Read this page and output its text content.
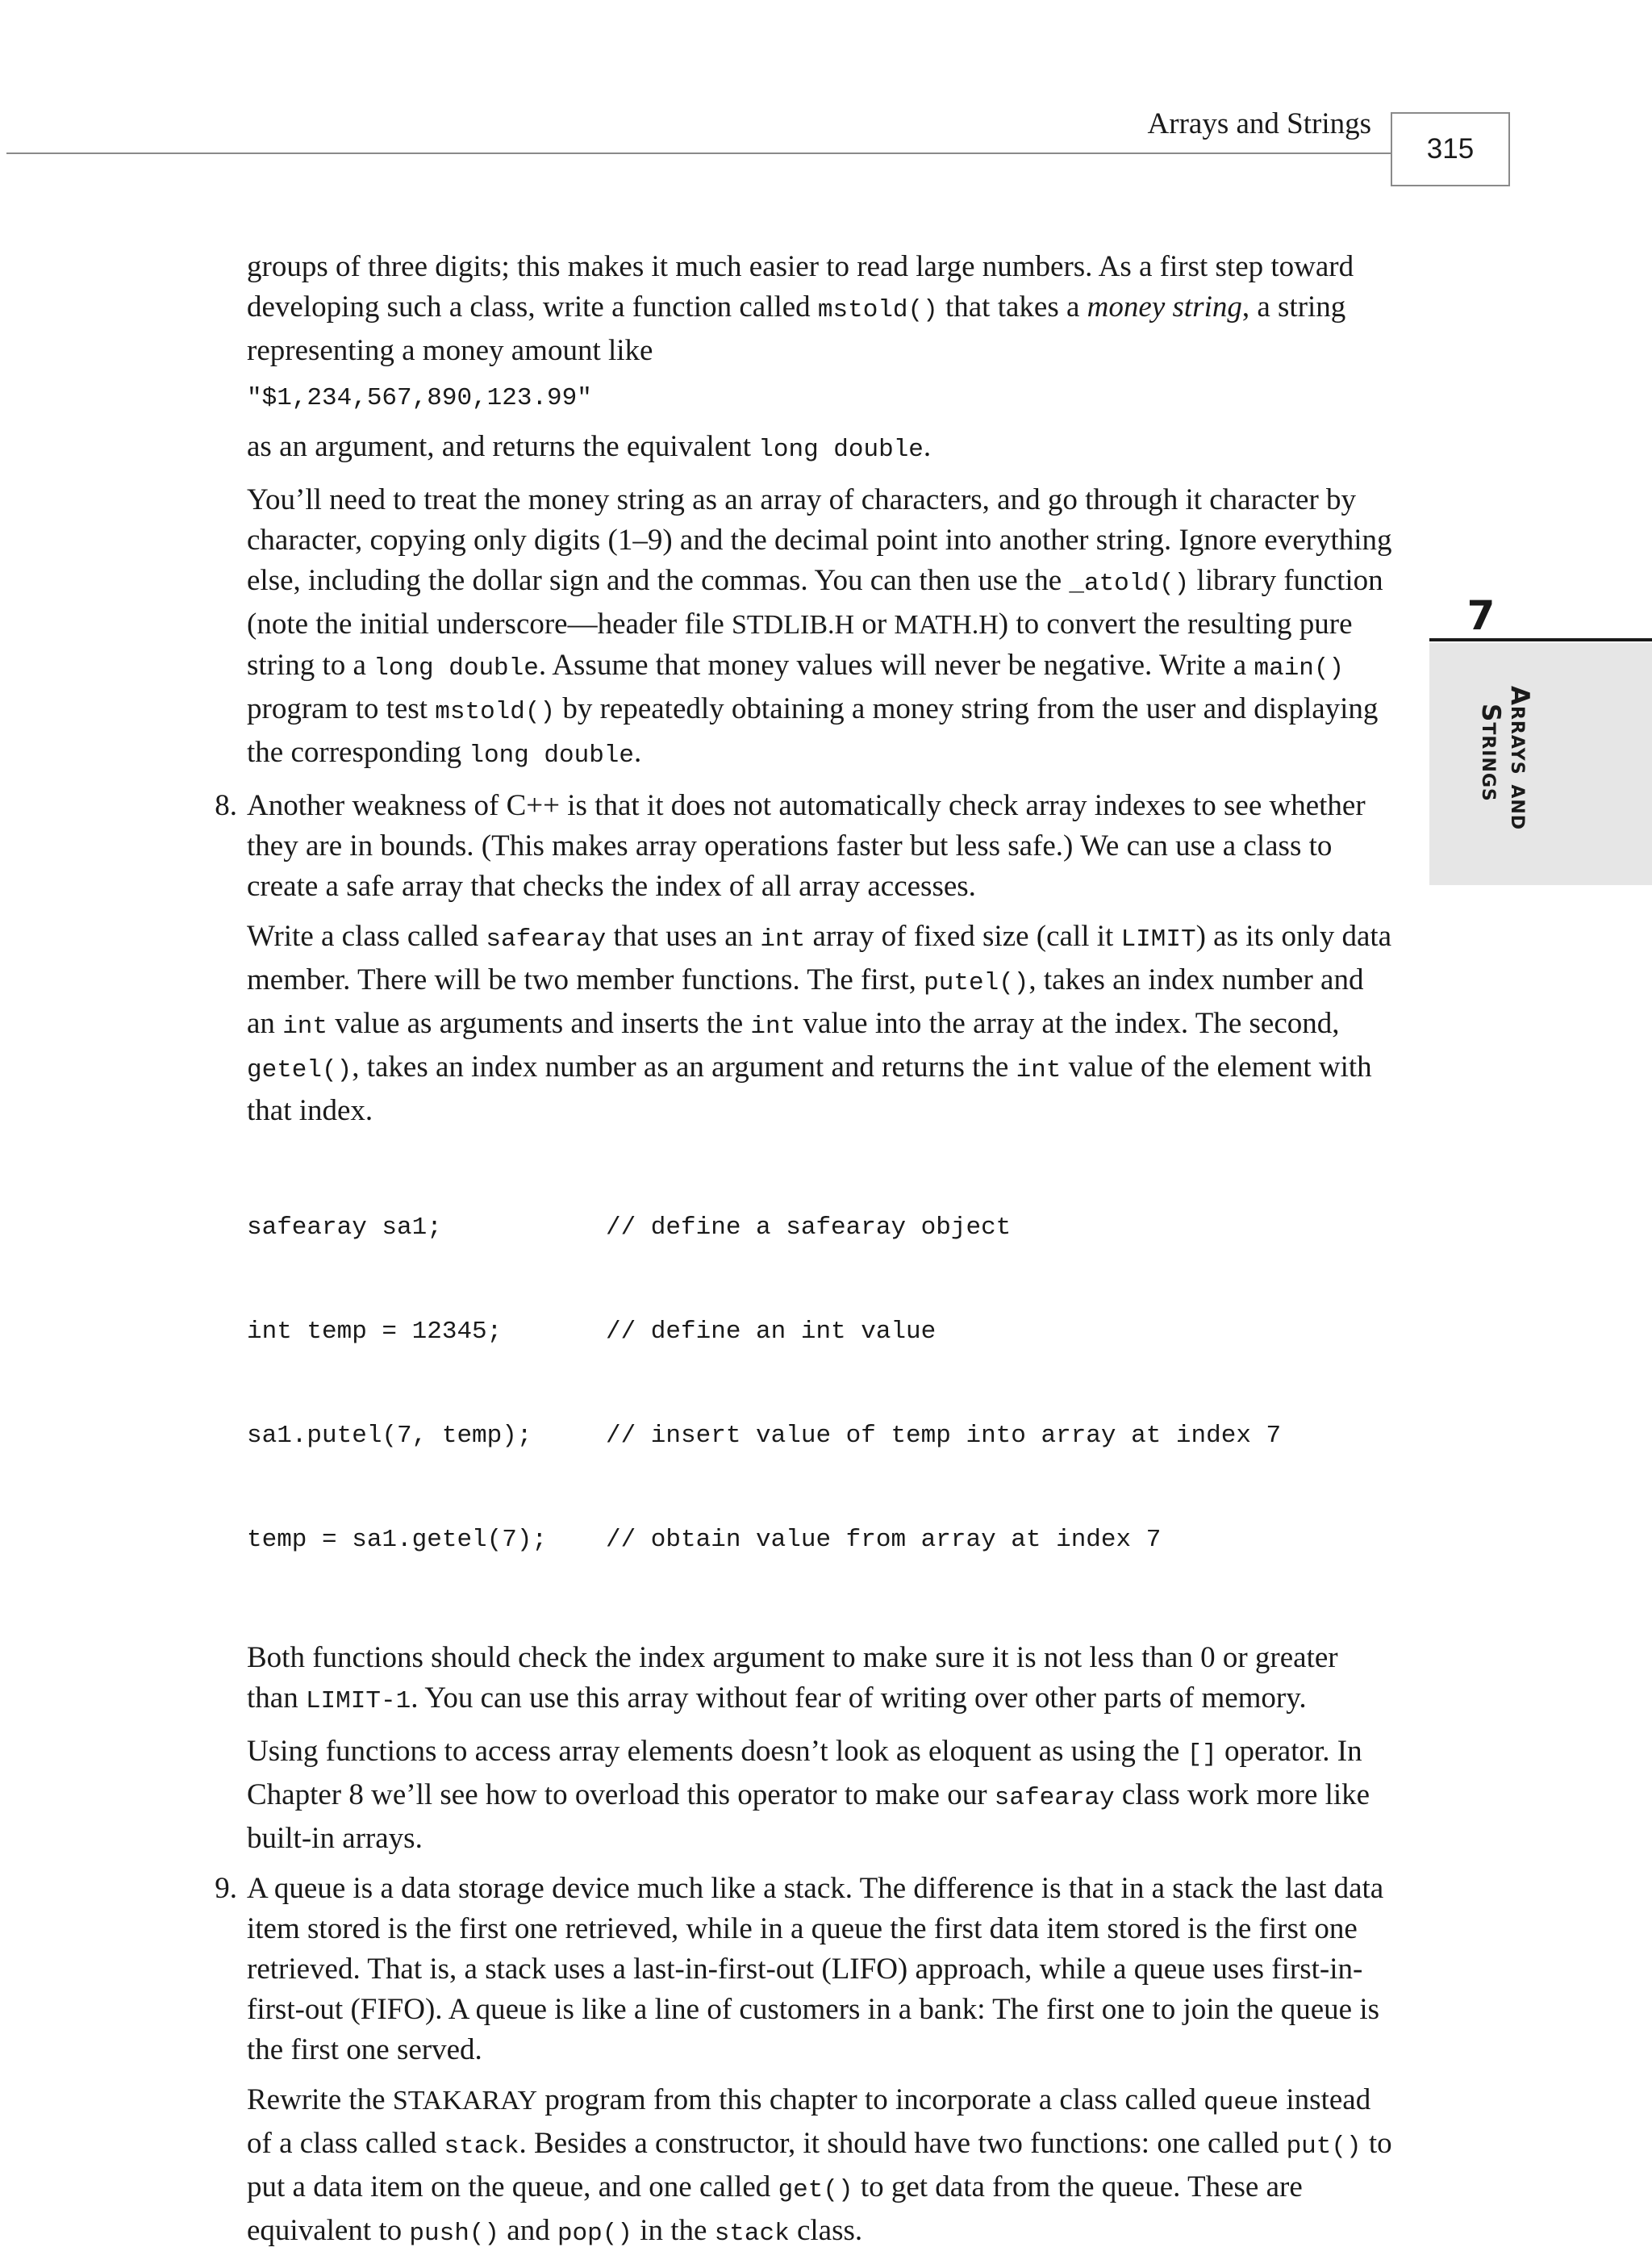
Arrays and Strings
315
7
Arrays and
Strings

groups of three digits; this makes it much easier to read large numbers. As a first step toward developing such a class, write a function called mstold() that takes a money string, a string representing a money amount like

"$1,234,567,890,123.99"

as an argument, and returns the equivalent long double.

You’ll need to treat the money string as an array of characters, and go through it character by character, copying only digits (1–9) and the decimal point into another string. Ignore everything else, including the dollar sign and the commas. You can then use the _atold() library function (note the initial underscore—header file STDLIB.H or MATH.H) to convert the resulting pure string to a long double. Assume that money values will never be negative. Write a main() program to test mstold() by repeatedly obtaining a money string from the user and displaying the corresponding long double.

8. Another weakness of C++ is that it does not automatically check array indexes to see whether they are in bounds. (This makes array operations faster but less safe.) We can use a class to create a safe array that checks the index of all array accesses.

Write a class called safearay that uses an int array of fixed size (call it LIMIT) as its only data member. There will be two member functions. The first, putel(), takes an index number and an int value as arguments and inserts the int value into the array at the index. The second, getel(), takes an index number as an argument and returns the int value of the element with that index.

safearay sa1;	// define a safearay object

int temp = 12345;	// define an int value

sa1.putel(7, temp);	// insert value of temp into array at index 7

temp = sa1.getel(7);	// obtain value from array at index 7

Both functions should check the index argument to make sure it is not less than 0 or greater than LIMIT-1. You can use this array without fear of writing over other parts of memory.

Using functions to access array elements doesn’t look as eloquent as using the [] operator. In Chapter 8 we’ll see how to overload this operator to make our safearay class work more like built-in arrays.

9. A queue is a data storage device much like a stack. The difference is that in a stack the last data item stored is the first one retrieved, while in a queue the first data item stored is the first one retrieved. That is, a stack uses a last-in-first-out (LIFO) approach, while a queue uses first-in-first-out (FIFO). A queue is like a line of customers in a bank: The first one to join the queue is the first one served.

Rewrite the STAKARAY program from this chapter to incorporate a class called queue instead of a class called stack. Besides a constructor, it should have two functions: one called put() to put a data item on the queue, and one called get() to get data from the queue. These are equivalent to push() and pop() in the stack class.
